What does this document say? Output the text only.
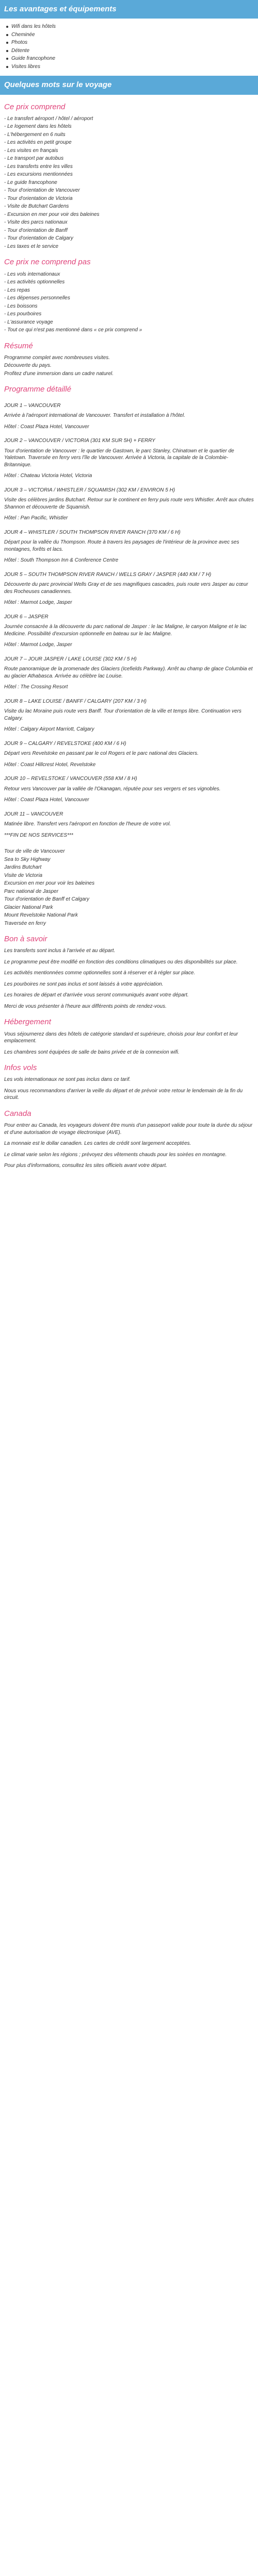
Les avantages et équipements
Wifi dans les hôtels
Cheminée
Photos
Détente
Guide francophone
Visites libres
Quelques mots sur le voyage
Ce prix comprend
- Le transfert aéroport / hôtel / aéroport
- Le logement dans les hôtels
- L'hébergement en 6 nuits
- Les activités en petit groupe
- Les visites en français
- Le transport par autobus
- Les transferts entre les villes
- Les excursions mentionnées
- Le guide francophone
- Tour d'orientation de Vancouver
- Tour d'orientation de Victoria
- Visite de Butchart Gardens
- Excursion en mer pour voir des baleines
- Visite des parcs nationaux
- Tour d'orientation de Banff
- Tour d'orientation de Calgary
- Les taxes et le service
Ce prix ne comprend pas
- Les vols internationaux
- Les activités optionnelles
- Les repas
- Les dépenses personnelles
- Les boissons
- Les pourboires
- L'assurance voyage
- Tout ce qui n'est pas mentionné dans « ce prix comprend »
Résumé
Programme complet avec nombreuses visites.
Découverte du pays.
Profitez d'une immersion dans un cadre naturel.
Programme détaillé
JOUR 1 – VANCOUVER
Arrivée à l'aéroport international de Vancouver. Transfert et installation à l'hôtel.
Hôtel : Coast Plaza Hotel, Vancouver
JOUR 2 – VANCOUVER / VICTORIA (301 KM SUR 5H) + FERRY
Tour d'orientation de Vancouver : le quartier de Gastown, le parc Stanley, Chinatown et le quartier de Yaletown. Traversée en ferry vers l'île de Vancouver. Arrivée à Victoria, la capitale de la Colombie-Britannique.
Hôtel : Chateau Victoria Hotel, Victoria
JOUR 3 – VICTORIA / WHISTLER / SQUAMISH (302 KM / ENVIRON 5 H)
Visite des célèbres jardins Butchart. Retour sur le continent en ferry puis route vers Whistler. Arrêt aux chutes Shannon et découverte de Squamish.
Hôtel : Pan Pacific, Whistler
JOUR 4 – WHISTLER / SOUTH THOMPSON RIVER RANCH (370 KM / 6 H)
Départ pour la vallée du Thompson. Route à travers les paysages de l'intérieur de la province avec ses montagnes, forêts et lacs.
Hôtel : South Thompson Inn & Conference Centre
JOUR 5 – SOUTH THOMPSON RIVER RANCH / WELLS GRAY / JASPER (440 KM / 7 H)
Découverte du parc provincial Wells Gray et de ses magnifiques cascades, puis route vers Jasper au cœur des Rocheuses canadiennes.
Hôtel : Marmot Lodge, Jasper
JOUR 6 – JASPER
Journée consacrée à la découverte du parc national de Jasper : le lac Maligne, le canyon Maligne et le lac Medicine. Possibilité d'excursion optionnelle en bateau sur le lac Maligne.
Hôtel : Marmot Lodge, Jasper
JOUR 7 – JOUR JASPER / LAKE LOUISE (302 KM / 5 H)
Route panoramique de la promenade des Glaciers (Icefields Parkway). Arrêt au champ de glace Columbia et au glacier Athabasca. Arrivée au célèbre lac Louise.
Hôtel : The Crossing Resort
JOUR 8 – LAKE LOUISE / BANFF / CALGARY (207 KM / 3 H)
Visite du lac Moraine puis route vers Banff. Tour d'orientation de la ville et temps libre. Continuation vers Calgary.
Hôtel : Calgary Airport Marriott, Calgary
JOUR 9 – CALGARY / REVELSTOKE (400 KM / 6 H)
Départ vers Revelstoke en passant par le col Rogers et le parc national des Glaciers.
Hôtel : Coast Hillcrest Hotel, Revelstoke
JOUR 10 – REVELSTOKE / VANCOUVER (558 KM / 8 H)
Retour vers Vancouver par la vallée de l'Okanagan, réputée pour ses vergers et ses vignobles.
Hôtel : Coast Plaza Hotel, Vancouver
JOUR 11 – VANCOUVER
Matinée libre. Transfert vers l'aéroport en fonction de l'heure de votre vol.
***FIN DE NOS SERVICES***
Tour de ville de Vancouver
Sea to Sky Highway
Jardins Butchart
Visite de Victoria
Excursion en mer pour voir les baleines
Parc national de Jasper
Tour d'orientation de Banff et Calgary
Glacier National Park
Mount Revelstoke National Park
Traversée en ferry
Bon à savoir
Les transferts sont inclus à l'arrivée et au départ.
Le programme peut être modifié en fonction des conditions climatiques ou des disponibilités sur place.
Les activités mentionnées comme optionnelles sont à réserver et à régler sur place.
Les pourboires ne sont pas inclus et sont laissés à votre appréciation.
Les horaires de départ et d'arrivée vous seront communiqués avant votre départ.
Merci de vous présenter à l'heure aux différents points de rendez-vous.
Hébergement
Vous séjournerez dans des hôtels de catégorie standard et supérieure, choisis pour leur confort et leur emplacement.
Les chambres sont équipées de salle de bains privée et de la connexion wifi.
Infos vols
Les vols internationaux ne sont pas inclus dans ce tarif.
Nous vous recommandons d'arriver la veille du départ et de prévoir votre retour le lendemain de la fin du circuit.
Canada
Pour entrer au Canada, les voyageurs doivent être munis d'un passeport valide pour toute la durée du séjour et d'une autorisation de voyage électronique (AVE).
La monnaie est le dollar canadien. Les cartes de crédit sont largement acceptées.
Le climat varie selon les régions ; prévoyez des vêtements chauds pour les soirées en montagne.
Pour plus d'informations, consultez les sites officiels avant votre départ.
